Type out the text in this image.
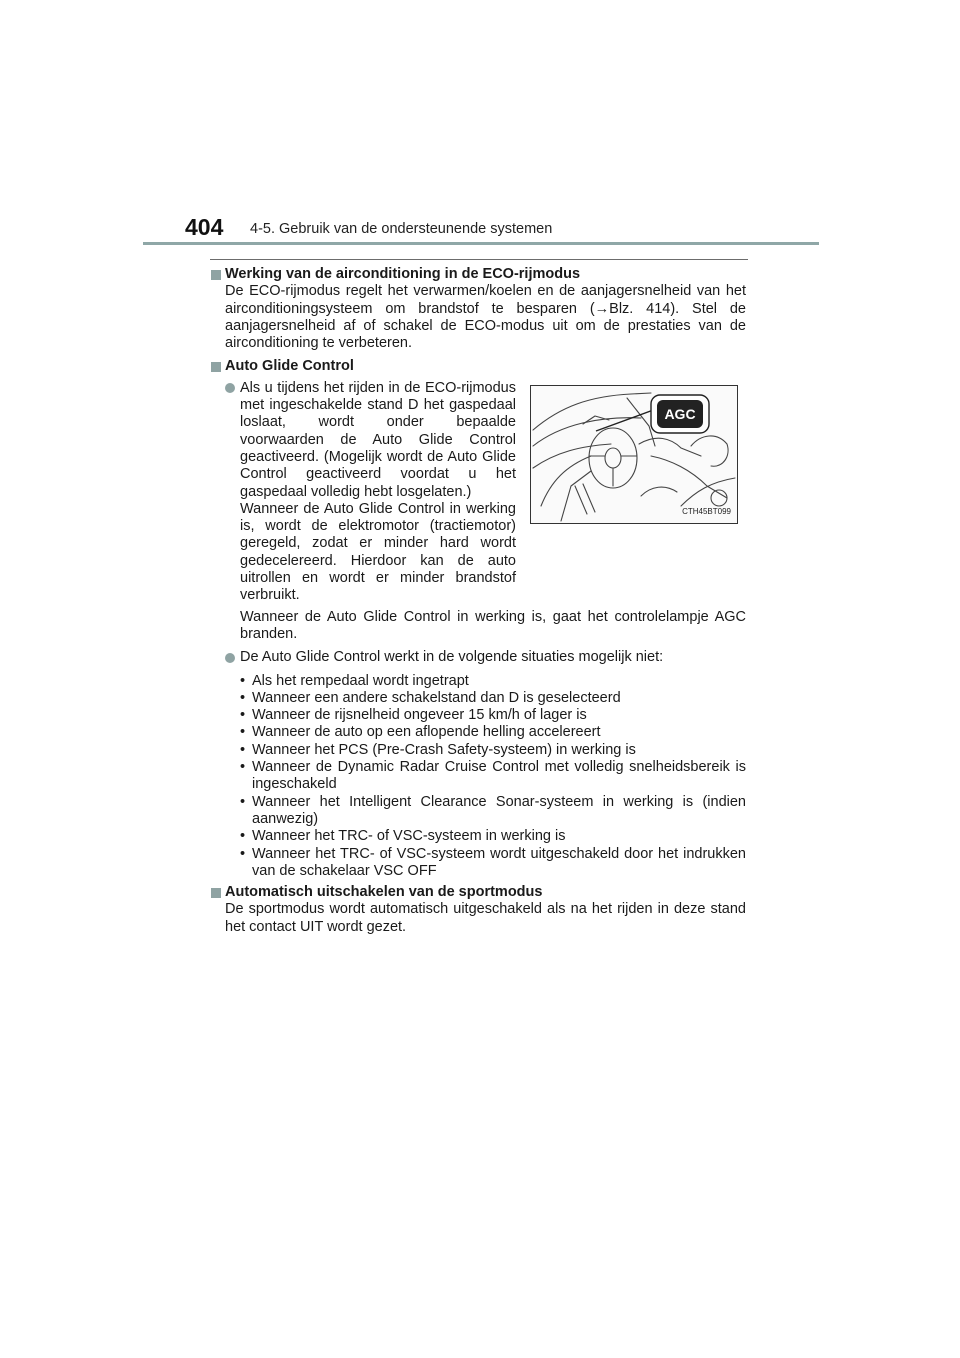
404 4-5. Gebruik van de ondersteunende systemen

Werking van de airconditioning in de ECO-rijmodus

De ECO-rijmodus regelt het verwarmen/koelen en de aanjagersnelheid van het airconditioningsysteem om brandstof te besparen (→Blz. 414). Stel de aanjagersnelheid af of schakel de ECO-modus uit om de prestaties van de airconditioning te verbeteren.

Auto Glide Control

Als u tijdens het rijden in de ECO-rijmodus met ingeschakelde stand D het gaspedaal loslaat, wordt onder bepaalde voorwaarden de Auto Glide Control geactiveerd. (Mogelijk wordt de Auto Glide Control geactiveerd voordat u het gaspedaal volledig hebt losgelaten.)

Wanneer de Auto Glide Control in werking is, wordt de elektromotor (tractiemotor) geregeld, zodat er minder hard wordt gedecelereerd. Hierdoor kan de auto uitrollen en wordt er minder brandstof verbruikt.

AGC
CTH45BT099

Wanneer de Auto Glide Control in werking is, gaat het controlelampje AGC branden.

De Auto Glide Control werkt in de volgende situaties mogelijk niet:

• Als het rempedaal wordt ingetrapt
• Wanneer een andere schakelstand dan D is geselecteerd
• Wanneer de rijsnelheid ongeveer 15 km/h of lager is
• Wanneer de auto op een aflopende helling accelereert
• Wanneer het PCS (Pre-Crash Safety-systeem) in werking is
• Wanneer de Dynamic Radar Cruise Control met volledig snelheidsbereik is ingeschakeld
• Wanneer het Intelligent Clearance Sonar-systeem in werking is (indien aanwezig)
• Wanneer het TRC- of VSC-systeem in werking is
• Wanneer het TRC- of VSC-systeem wordt uitgeschakeld door het indrukken van de schakelaar VSC OFF

Automatisch uitschakelen van de sportmodus

De sportmodus wordt automatisch uitgeschakeld als na het rijden in deze stand het contact UIT wordt gezet.
